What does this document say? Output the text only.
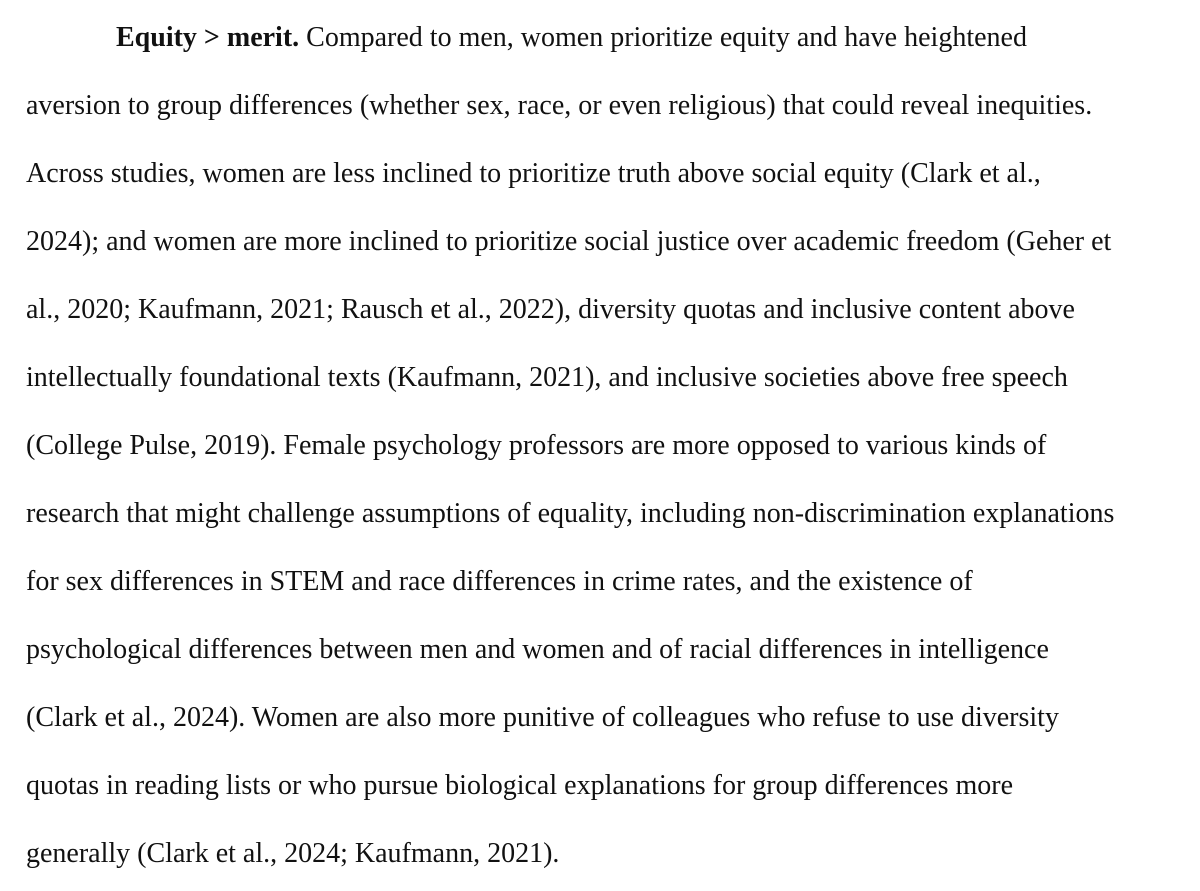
Equity > merit. Compared to men, women prioritize equity and have heightened

aversion to group differences (whether sex, race, or even religious) that could reveal inequities.

Across studies, women are less inclined to prioritize truth above social equity (Clark et al.,

2024); and women are more inclined to prioritize social justice over academic freedom (Geher et

al., 2020; Kaufmann, 2021; Rausch et al., 2022), diversity quotas and inclusive content above

intellectually foundational texts (Kaufmann, 2021), and inclusive societies above free speech

(College Pulse, 2019). Female psychology professors are more opposed to various kinds of

research that might challenge assumptions of equality, including non-discrimination explanations

for sex differences in STEM and race differences in crime rates, and the existence of

psychological differences between men and women and of racial differences in intelligence

(Clark et al., 2024). Women are also more punitive of colleagues who refuse to use diversity

quotas in reading lists or who pursue biological explanations for group differences more

generally (Clark et al., 2024; Kaufmann, 2021).
